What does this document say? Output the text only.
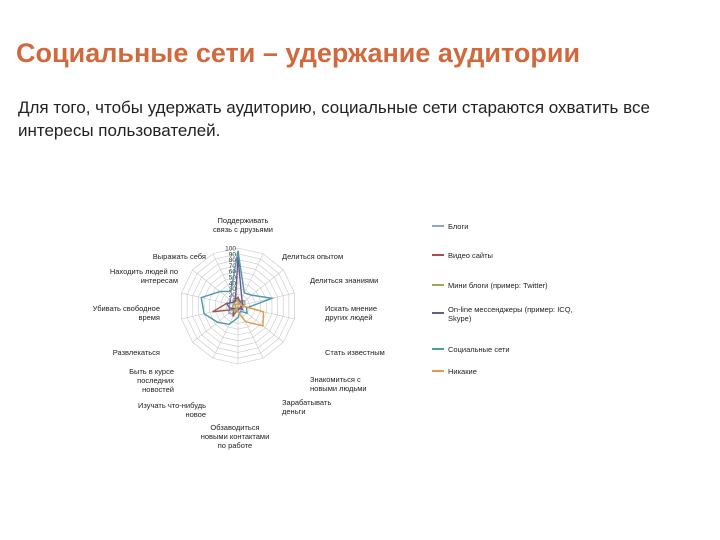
Социальные сети – удержание аудитории
Для того, чтобы удержать аудиторию, социальные сети стараются охватить все интересы пользователей.
0
10
20
30
40
50
60
70
80
90
100
Поддерживать связь с друзьями
Делиться опытом
Делиться знаниями
Искать мнение других людей
Стать известным
Знакомиться с новыми людьми
Зарабатывать деньги
Обзаводиться новыми контактами по работе
Изучать что-нибудь новое
Быть в курсе последних новостей
Развлекаться
Убивать свободное время
Находить людей по интересам
Выражать себя
Блоги
Видео сайты
Мини блоги (пример: Twitter)
On-line мессенджеры (пример: ICQ, Skype)
Социальные сети
Никакие
